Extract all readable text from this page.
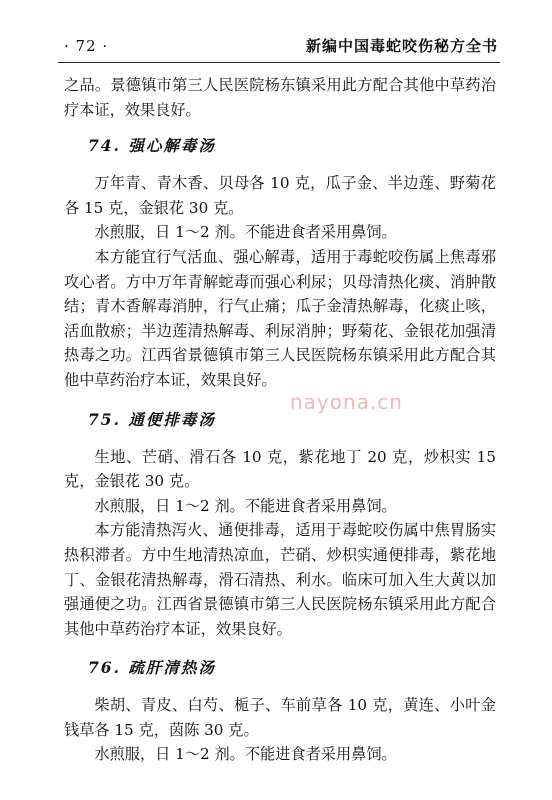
· 72 ·	新编中国毒蛇咬伤秘方全书

之品。景德镇市第三人民医院杨东镇采用此方配合其他中草药治疗本证，效果良好。

74. 强心解毒汤

万年青、青木香、贝母各 10 克，瓜子金、半边莲、野菊花各 15 克，金银花 30 克。

水煎服，日 1～2 剂。不能进食者采用鼻饲。

本方能宜行气活血、强心解毒，适用于毒蛇咬伤属上焦毒邪攻心者。方中万年青解蛇毒而强心利尿；贝母清热化痰、消肿散结；青木香解毒消肿，行气止痛；瓜子金清热解毒，化痰止咳，活血散瘀；半边莲清热解毒、利尿消肿；野菊花、金银花加强清热毒之功。江西省景德镇市第三人民医院杨东镇采用此方配合其他中草药治疗本证，效果良好。

75. 通便排毒汤

生地、芒硝、滑石各 10 克，紫花地丁 20 克，炒枳实 15 克，金银花 30 克。

水煎服，日 1～2 剂。不能进食者采用鼻饲。

本方能清热泻火、通便排毒，适用于毒蛇咬伤属中焦胃肠实热积滞者。方中生地清热凉血，芒硝、炒枳实通便排毒，紫花地丁、金银花清热解毒，滑石清热、利水。临床可加入生大黄以加强通便之功。江西省景德镇市第三人民医院杨东镇采用此方配合其他中草药治疗本证，效果良好。

76. 疏肝清热汤

柴胡、青皮、白芍、栀子、车前草各 10 克，黄连、小叶金钱草各 15 克，茵陈 30 克。

水煎服，日 1～2 剂。不能进食者采用鼻饲。

nayona.cn
